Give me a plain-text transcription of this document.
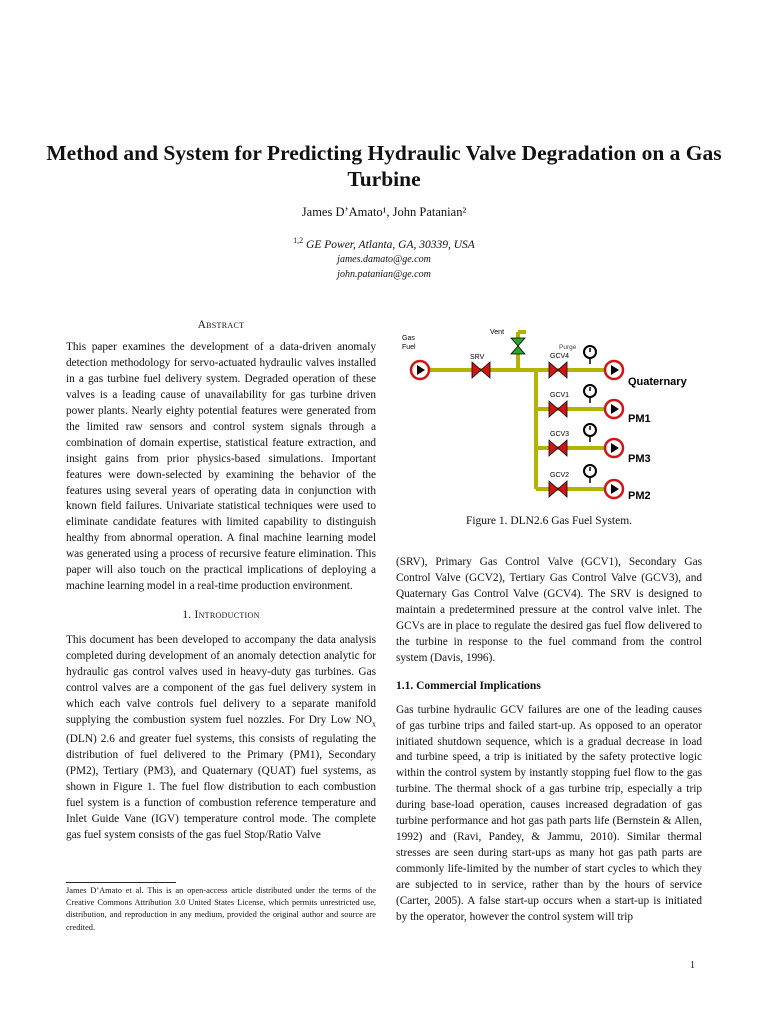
Method and System for Predicting Hydraulic Valve Degradation on a Gas Turbine
James D’Amato¹, John Patanian²
$^{1,2}$ GE Power, Atlanta, GA, 30339, USA
james.damato@ge.com
john.patanian@ge.com
Abstract

This paper examines the development of a data-driven anomaly detection methodology for servo-actuated hydraulic valves installed in a gas turbine fuel delivery system. Degraded operation of these valves is a leading cause of unavailability for gas turbine driven power plants. Nearly eighty potential features were generated from the limited raw sensors and control system signals through a combination of domain expertise, statistical feature extraction, and insight gains from prior physics-based simulations. Important features were down-selected by examining the behavior of the features using several years of operating data in conjunction with known field failures. Univariate statistical techniques were used to eliminate candidate features with limited capability to distinguish healthy from abnormal operation. A final machine learning model was generated using a process of recursive feature elimination. This paper will also touch on the practical implications of deploying a machine learning model in a real-time production environment.

1. Introduction

This document has been developed to accompany the data analysis completed during development of an anomaly detection analytic for hydraulic gas control valves used in heavy-duty gas turbines. Gas control valves are a component of the gas fuel delivery system in which each valve controls fuel delivery to a separate manifold supplying the combustion system fuel nozzles. For Dry Low $NO_x$ (DLN) 2.6 and greater fuel systems, this consists of regulating the distribution of fuel delivered to the Primary (PM1), Secondary (PM2), Tertiary (PM3), and Quaternary (QUAT) fuel systems, as shown in Figure 1. The fuel flow distribution to each combustion fuel system is a function of combustion reference temperature and Inlet Guide Vane (IGV) temperature control mode. The complete gas fuel system consists of the gas fuel Stop/Ratio Valve

James D’Amato et al. This is an open-access article distributed under the terms of the Creative Commons Attribution 3.0 United States License, which permits unrestricted use, distribution, and reproduction in any medium, provided the original author and source are credited.
Gas
Fuel
SRV
Vent
GCV4
GCV1
GCV3
GCV2
Purge
Quaternary
PM1
PM3
PM2
Figure 1. DLN2.6 Gas Fuel System.

(SRV), Primary Gas Control Valve (GCV1), Secondary Gas Control Valve (GCV2), Tertiary Gas Control Valve (GCV3), and Quaternary Gas Control Valve (GCV4). The SRV is designed to maintain a predetermined pressure at the control valve inlet. The GCVs are in place to regulate the desired gas fuel flow delivered to the turbine in response to the fuel command from the control system (Davis, 1996).

1.1. Commercial Implications

Gas turbine hydraulic GCV failures are one of the leading causes of gas turbine trips and failed start-up. As opposed to an operator initiated shutdown sequence, which is a gradual decrease in load and turbine speed, a trip is initiated by the safety protective logic within the control system by instantly stopping fuel flow to the gas turbine. The thermal shock of a gas turbine trip, especially a trip during base-load operation, causes increased degradation of gas turbine performance and hot gas path parts life (Bernstein & Allen, 1992) and (Ravi, Pandey, & Jammu, 2010). Similar thermal stresses are seen during start-ups as many hot gas path parts are commonly life-limited by the number of start cycles to which they are subjected to in service, rather than by the hours of service (Carter, 2005). A false start-up occurs when a start-up is initiated by the operator, however the control system will trip

1
